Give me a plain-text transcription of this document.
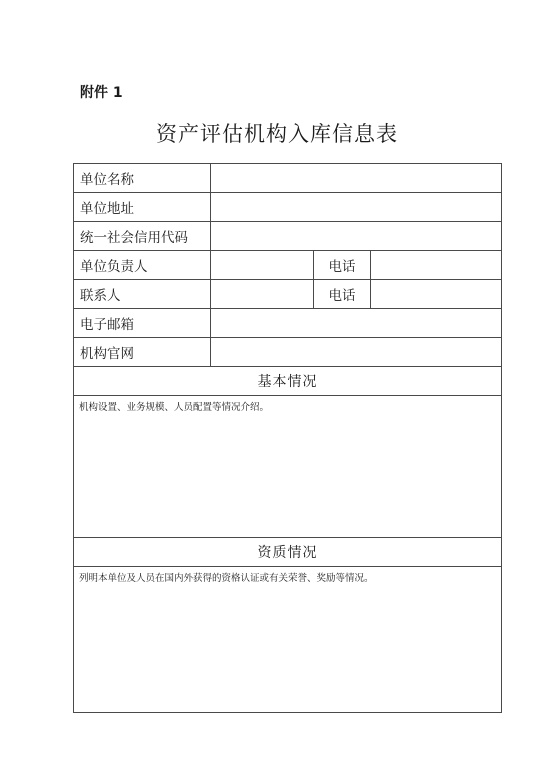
附件 1
资产评估机构入库信息表
单位名称			
单位地址			
统一社会信用代码			
单位负责人		电话	
联系人		电话	
电子邮箱			
机构官网			
基本情况			
机构设置、业务规模、人员配置等情况介绍。			
资质情况			
列明本单位及人员在国内外获得的资格认证或有关荣誉、奖励等情况。			
